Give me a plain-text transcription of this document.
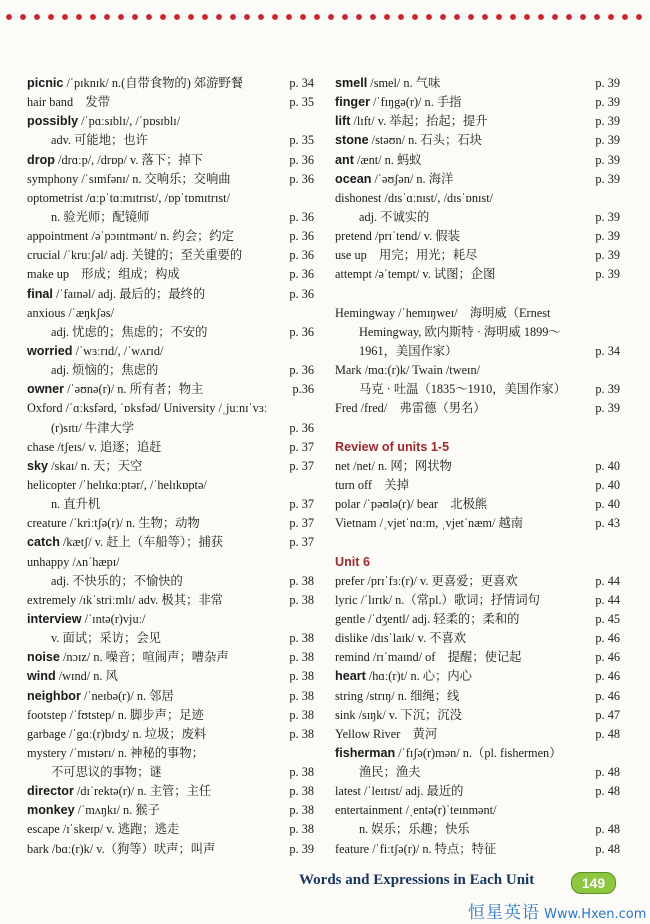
picnic /ˈpɪknɪk/ n.(自带食物的) 郊游野餐	p. 34
hair band　发带	p. 35
possibly /ˈpɑːsɪblɪ/, /ˈpɒsɪblɪ/
adv. 可能地；也许	p. 35
drop /drɑːp/, /drɒp/ v. 落下；掉下	p. 36
symphony /ˈsɪmfənɪ/ n. 交响乐；交响曲	p. 36
optometrist /ɑːpˈtɑːmɪtrɪst/, /ɒpˈtɒmɪtrɪst/
n. 验光师；配镜师	p. 36
appointment /əˈpɔɪntmənt/ n. 约会；约定	p. 36
crucial /ˈkruːʃəl/ adj. 关键的；至关重要的	p. 36
make up　形成；组成；构成	p. 36
final /ˈfaɪnəl/ adj. 最后的；最终的	p. 36
anxious /ˈæŋkʃəs/
adj. 忧虑的；焦虑的；不安的	p. 36
worried /ˈwɜːrɪd/, /ˈwʌrɪd/
adj. 烦恼的；焦虑的	p. 36
owner /ˈəʊnə(r)/ n. 所有者；物主	p.36
Oxford /ˈɑːksfərd, ˈɒksfəd/ University /ˌjuːnɪˈvɜː
(r)sɪtɪ/ 牛津大学	p. 36
chase /tʃeɪs/ v. 追逐；追赶	p. 37
sky /skaɪ/ n. 天；天空	p. 37
helicopter /ˈhelɪkɑːptər/, /ˈhelɪkɒptə/
n. 直升机	p. 37
creature /ˈkriːtʃə(r)/ n. 生物；动物	p. 37
catch /kætʃ/ v. 赶上（车船等）；捕获	p. 37
unhappy /ʌnˈhæpɪ/
adj. 不快乐的；不愉快的	p. 38
extremely /ɪkˈstriːmlɪ/ adv. 极其；非常	p. 38
interview /ˈɪntə(r)vjuː/
v. 面试；采访；会见	p. 38
noise /nɔɪz/ n. 噪音；喧闹声；嘈杂声	p. 38
wind /wɪnd/ n. 风	p. 38
neighbor /ˈneɪbə(r)/ n. 邻居	p. 38
footstep /ˈfʊtstep/ n. 脚步声；足迹	p. 38
garbage /ˈgɑː(r)bɪdʒ/ n. 垃圾；废料	p. 38
mystery /ˈmɪstərɪ/ n. 神秘的事物；
不可思议的事物；谜	p. 38
director /dɪˈrektə(r)/ n. 主管；主任	p. 38
monkey /ˈmʌŋkɪ/ n. 猴子	p. 38
escape /ɪˈskeɪp/ v. 逃跑；逃走	p. 38
bark /bɑː(r)k/ v.（狗等）吠声；叫声	p. 39
smell /smel/ n. 气味	p. 39
finger /ˈfɪŋgə(r)/ n. 手指	p. 39
lift /lɪft/ v. 举起；抬起；提升	p. 39
stone /stəʊn/ n. 石头；石块	p. 39
ant /ænt/ n. 蚂蚁	p. 39
ocean /ˈəʊʃən/ n. 海洋	p. 39
dishonest /dɪsˈɑːnɪst/, /dɪsˈɒnɪst/
adj. 不诚实的	p. 39
pretend /prɪˈtend/ v. 假装	p. 39
use up　用完；用光；耗尽	p. 39
attempt /əˈtempt/ v. 试图；企图	p. 39
Hemingway /ˈhemɪŋweɪ/　海明威（Ernest
Hemingway, 欧内斯特 · 海明威 1899～
1961，美国作家）	p. 34
Mark /mɑː(r)k/ Twain /tweɪn/
马克 · 吐温（1835～1910，美国作家） p. 39
Fred /fred/　弗雷德（男名）	p. 39
Review of units 1-5
net /net/ n. 网；网状物	p. 40
turn off　关掉	p. 40
polar /ˈpəʊlə(r)/ bear　北极熊	p. 40
Vietnam /ˌvjetˈnɑːm, ˌvjetˈnæm/ 越南	p. 43
Unit 6
prefer /prɪˈfɜː(r)/ v. 更喜爱；更喜欢	p. 44
lyric /ˈlɪrɪk/ n.（常pl.）歌词；抒情词句	p. 44
gentle /ˈdʒentl/ adj. 轻柔的；柔和的	p. 45
dislike /dɪsˈlaɪk/ v. 不喜欢	p. 46
remind /rɪˈmaɪnd/ of　提醒；使记起	p. 46
heart /hɑː(r)t/ n. 心；内心	p. 46
string /strɪŋ/ n. 细绳；线	p. 46
sink /sɪŋk/ v. 下沉；沉没	p. 47
Yellow River　黄河	p. 48
fisherman /ˈfɪʃə(r)mən/ n.（pl. fishermen）
渔民；渔夫	p. 48
latest /ˈleɪtɪst/ adj. 最近的	p. 48
entertainment /ˌentə(r)ˈteɪnmənt/
n. 娱乐；乐趣；快乐	p. 48
feature /ˈfiːtʃə(r)/ n. 特点；特征	p. 48
Words and Expressions in Each Unit	149
恒星英语 Www.Hxen.com
